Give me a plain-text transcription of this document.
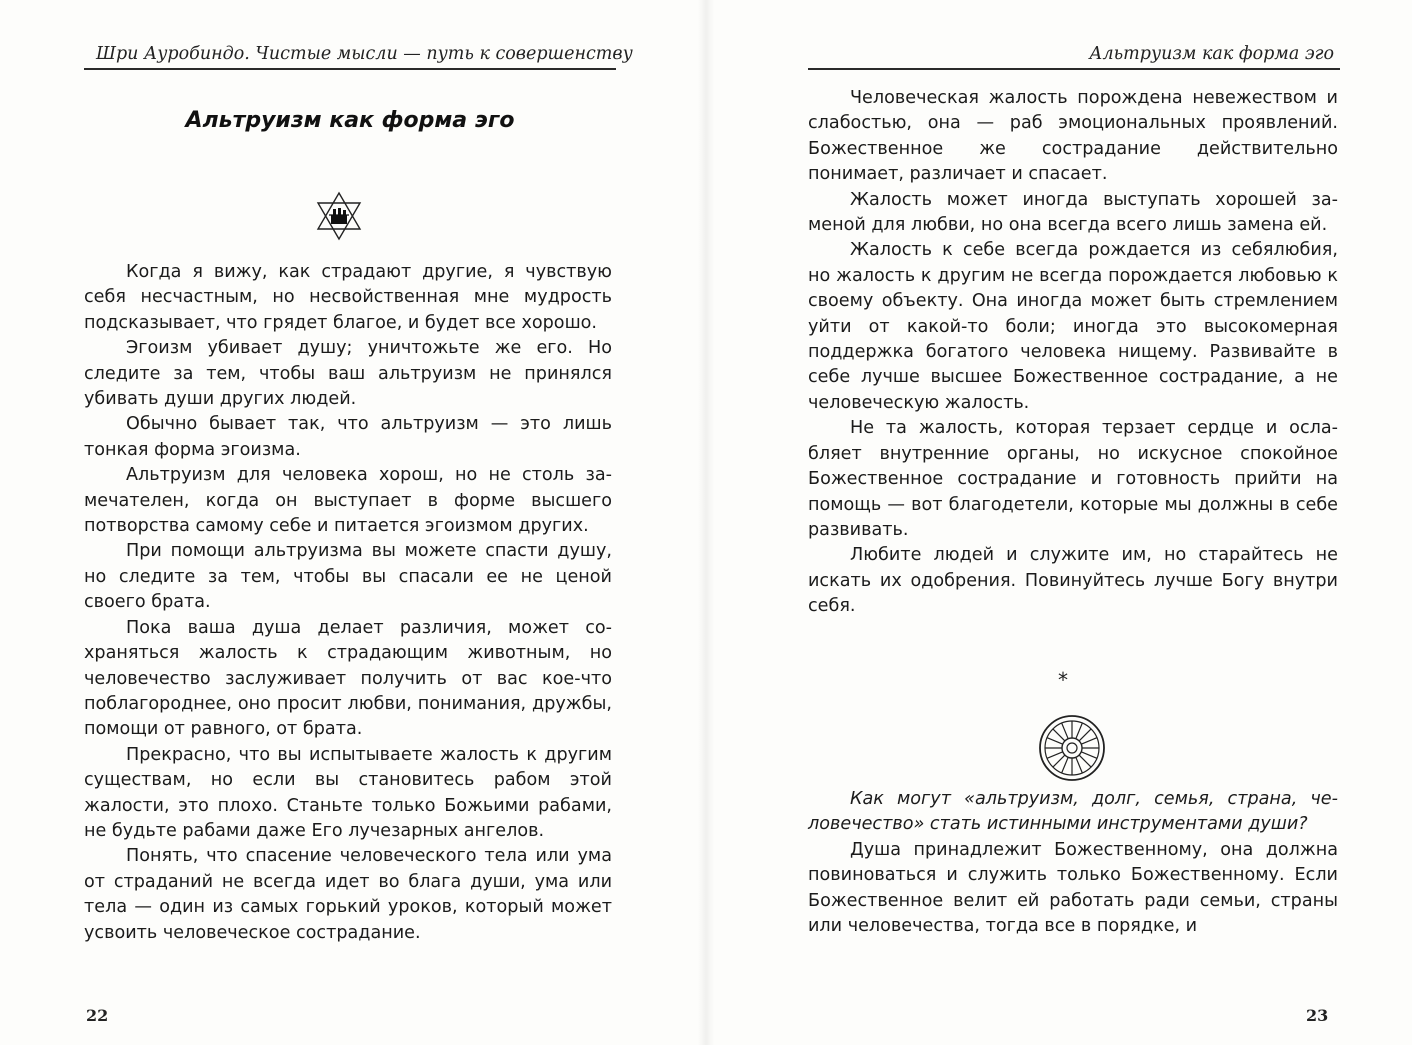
Шри Ауробиндо. Чистые мысли — путь к совершенству
Альтруизм как форма эго

Когда я вижу, как страдают другие, я чувствую себя несчастным, но несвойственная мне мудрость подсказывает, что грядет благое, и будет все хорошо.

Эгоизм убивает душу; уничтожьте же его. Но следите за тем, чтобы ваш альтруизм не принялся убивать души других людей.

Обычно бывает так, что альтруизм — это лишь тонкая форма эгоизма.

Альтруизм для человека хорош, но не столь замечателен, когда он выступает в форме высшего потворства самому себе и питается эгоизмом других.

При помощи альтруизма вы можете спасти душу, но следите за тем, чтобы вы спасали ее не ценой своего брата.

Пока ваша душа делает различия, может сохраняться жалость к страдающим животным, но человечество заслуживает получить от вас кое-что поблагороднее, оно просит любви, понимания, дружбы, помощи от равного, от брата.

Прекрасно, что вы испытываете жалость к другим существам, но если вы становитесь рабом этой жалости, это плохо. Станьте только Божьими рабами, не будьте рабами даже Его лучезарных ангелов.

Понять, что спасение человеческого тела или ума от страданий не всегда идет во блага души, ума или тела — один из самых горький уроков, который может усвоить человеческое сострадание.

22
Альтруизм как форма эго

Человеческая жалость порождена невежеством и слабостью, она — раб эмоциональных проявлений. Божественное же сострадание действительно понимает, различает и спасает.

Жалость может иногда выступать хорошей заменой для любви, но она всегда всего лишь замена ей.

Жалость к себе всегда рождается из себялюбия, но жалость к другим не всегда порождается любовью к своему объекту. Она иногда может быть стремлением уйти от какой-то боли; иногда это высокомерная поддержка богатого человека нищему. Развивайте в себе лучше высшее Божественное сострадание, а не человеческую жалость.

Не та жалость, которая терзает сердце и ослабляет внутренние органы, но искусное спокойное Божественное сострадание и готовность прийти на помощь — вот благодетели, которые мы должны в себе развивать.

Любите людей и служите им, но старайтесь не искать их одобрения. Повинуйтесь лучше Богу внутри себя.

*

Как могут «альтруизм, долг, семья, страна, человечество» стать истинными инструментами души?

Душа принадлежит Божественному, она должна повиноваться и служить только Божественному. Если Божественное велит ей работать ради семьи, страны или человечества, тогда все в порядке, и

23
